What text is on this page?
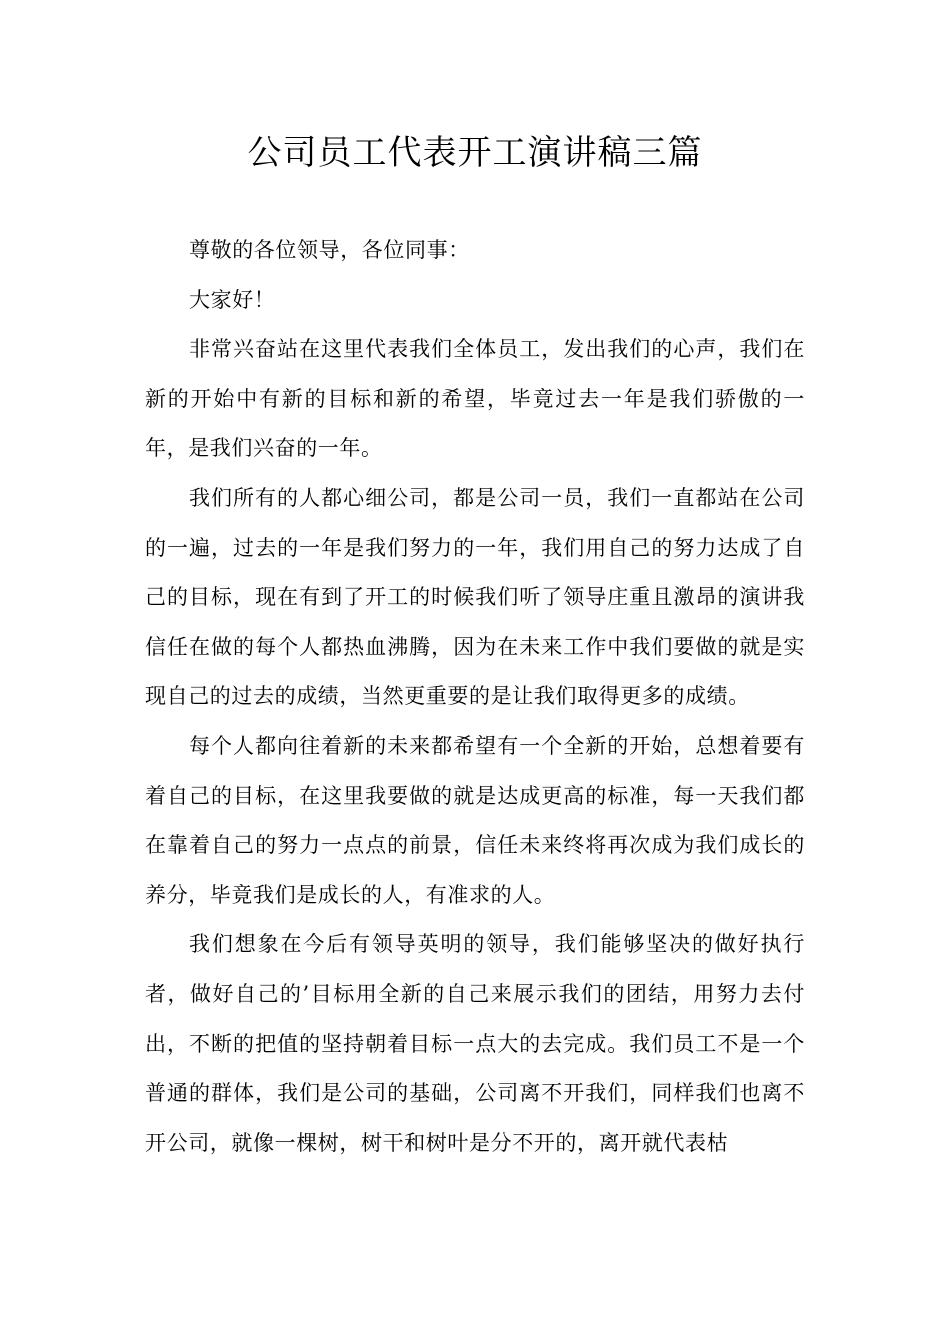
公司员工代表开工演讲稿三篇

尊敬的各位领导，各位同事：

大家好！

非常兴奋站在这里代表我们全体员工，发出我们的心声，我们在新的开始中有新的目标和新的希望，毕竟过去一年是我们骄傲的一年，是我们兴奋的一年。

我们所有的人都心细公司，都是公司一员，我们一直都站在公司的一遍，过去的一年是我们努力的一年，我们用自己的努力达成了自己的目标，现在有到了开工的时候我们听了领导庄重且激昂的演讲我信任在做的每个人都热血沸腾，因为在未来工作中我们要做的就是实现自己的过去的成绩，当然更重要的是让我们取得更多的成绩。

每个人都向往着新的未来都希望有一个全新的开始，总想着要有着自己的目标，在这里我要做的就是达成更高的标准，每一天我们都在靠着自己的努力一点点的前景，信任未来终将再次成为我们成长的养分，毕竟我们是成长的人，有准求的人。

我们想象在今后有领导英明的领导，我们能够坚决的做好执行者，做好自己的’目标用全新的自己来展示我们的团结，用努力去付出，不断的把值的坚持朝着目标一点大的去完成。我们员工不是一个普通的群体，我们是公司的基础，公司离不开我们，同样我们也离不开公司，就像一棵树，树干和树叶是分不开的，离开就代表枯
